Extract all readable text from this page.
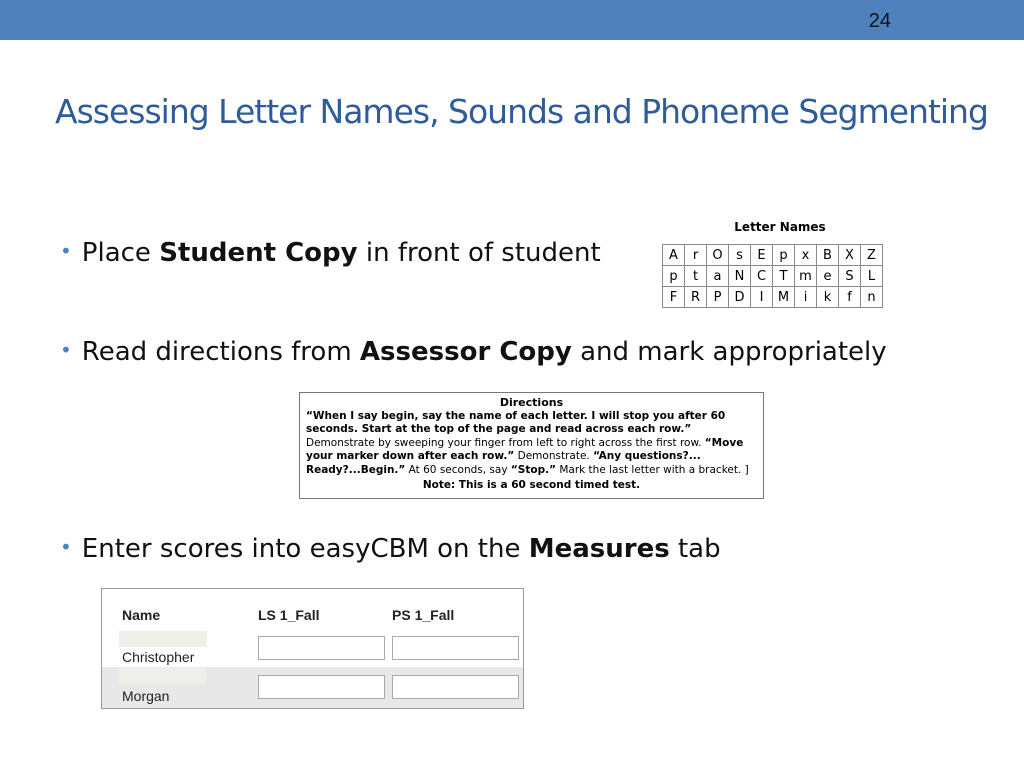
24
Assessing Letter Names, Sounds and Phoneme Segmenting
• Place Student Copy in front of student
Letter Names
A	r	O	s	E	p	x	B	X	Z
p	t	a	N	C	T	m	e	S	L
F	R	P	D	I	M	i	k	f	n
• Read directions from Assessor Copy and mark appropriately
Directions
“When I say begin, say the name of each letter. I will stop you after 60 seconds. Start at the top of the page and read across each row.”
Demonstrate by sweeping your finger from left to right across the first row. “Move your marker down after each row.” Demonstrate. “Any questions?... Ready?...Begin.” At 60 seconds, say “Stop.” Mark the last letter with a bracket. ]
Note: This is a 60 second timed test.
• Enter scores into easyCBM on the Measures tab
Name	LS 1_Fall	PS 1_Fall
Christopher
Morgan
